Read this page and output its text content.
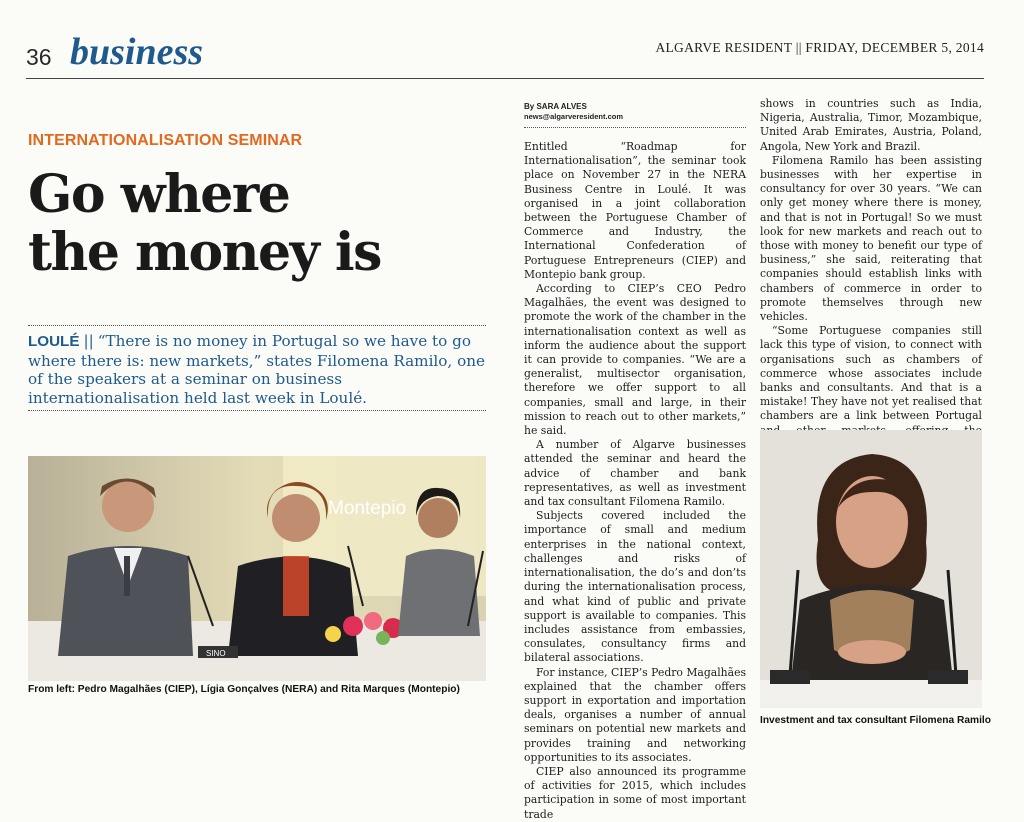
36 business	ALGARVE RESIDENT || FRIDAY, DECEMBER 5, 2014
INTERNATIONALISATION SEMINAR
Go where
the money is
LOULÉ || “There is no money in Portugal so we have to go where there is: new markets,” states Filomena Ramilo, one of the speakers at a seminar on business internationalisation held last week in Loulé.
Montepio
SINO
From left: Pedro Magalhães (CIEP), Lígia Gonçalves (NERA) and Rita Marques (Montepio)
By SARA ALVES
news@algarveresident.com

Entitled “Roadmap for Internationalisation”, the seminar took place on November 27 in the NERA Business Centre in Loulé. It was organised in a joint collaboration between the Portuguese Chamber of Commerce and Industry, the International Confederation of Portuguese Entrepreneurs (CIEP) and Montepio bank group.

According to CIEP’s CEO Pedro Magalhães, the event was designed to promote the work of the chamber in the internationalisation context as well as inform the audience about the support it can provide to companies. “We are a generalist, multisector organisation, therefore we offer support to all companies, small and large, in their mission to reach out to other markets,” he said.

A number of Algarve businesses attended the seminar and heard the advice of chamber and bank representatives, as well as investment and tax consultant Filomena Ramilo.

Subjects covered included the importance of small and medium enterprises in the national context, challenges and risks of internationalisation, the do’s and don’ts during the internationalisation process, and what kind of public and private support is available to companies. This includes assistance from embassies, consulates, consultancy firms and bilateral associations.

For instance, CIEP’s Pedro Magalhães explained that the chamber offers support in exportation and importation deals, organises a number of annual seminars on potential new markets and provides training and networking opportunities to its associates.

CIEP also announced its programme of activities for 2015, which includes participation in some of most important trade

shows in countries such as India, Nigeria, Australia, Timor, Mozambique, United Arab Emirates, Austria, Poland, Angola, New York and Brazil.

Filomena Ramilo has been assisting businesses with her expertise in consultancy for over 30 years. “We can only get money where there is money, and that is not in Portugal! So we must look for new markets and reach out to those with money to benefit our type of business,” she said, reiterating that companies should establish links with chambers of commerce in order to promote themselves through new vehicles.

“Some Portuguese companies still lack this type of vision, to connect with organisations such as chambers of commerce whose associates include banks and consultants. And that is a mistake! They have not yet realised that chambers are a link between Portugal

Investment and tax consultant Filomena Ramilo
